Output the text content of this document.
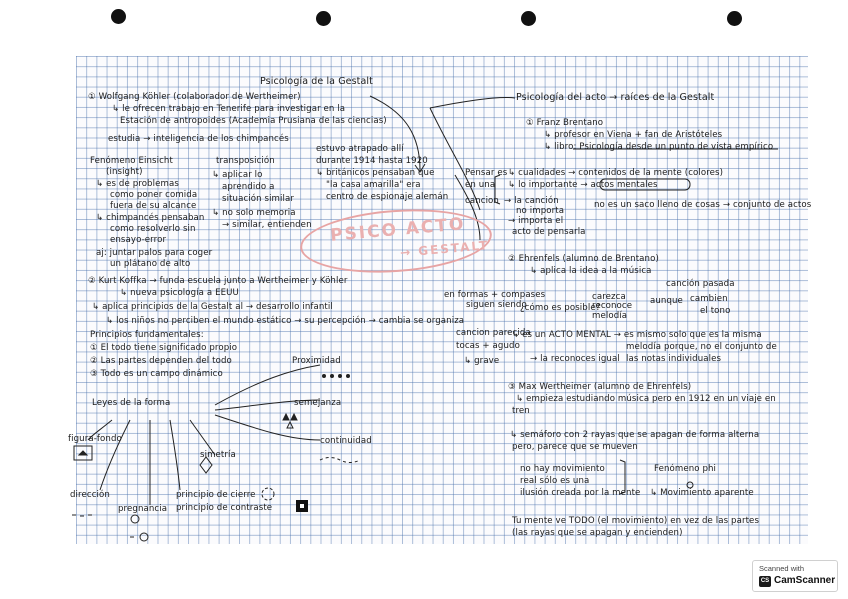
PSICO ACTO
→ GESTALT
Psicología de la Gestalt
Psicología del acto → raíces de la Gestalt
① Wolfgang Köhler (colaborador de Wertheimer)
↳ le ofrecen trabajo en Tenerife para investigar en la
Estación de antropoides (Academia Prusiana de las ciencias)
estudia → inteligencia de los chimpancés
estuvo atrapado allí
durante 1914 hasta 1920
↳ británicos pensaban que
"la casa amarilla" era
centro de espionaje alemán
Fenómeno Einsicht
(insight)
↳ es de problemas
como poner comida
fuera de su alcance
↳ chimpancés pensaban
como resolverlo sin
ensayo-error
aj: juntar palos para coger
un plátano de alto
transposición
↳ aplicar lo
aprendido a
situación similar
↳ no solo memoria
→ similar, entienden
② Kurt Koffka → funda escuela junto a Wertheimer y Köhler
↳ nueva psicología a EEUU
↳ aplica principios de la Gestalt al → desarrollo infantil
↳ los niños no perciben el mundo estático → su percepción → cambia se organiza
Principios fundamentales:
① El todo tiene significado propio
② Las partes dependen del todo
③ Todo es un campo dinámico
Leyes de la forma
Proximidad
semejanza
continuidad
simetría
figura-fondo
dirección
pregnancia
principio de cierre
principio de contraste
① Franz Brentano
↳ profesor en Viena + fan de Aristóteles
↳ libro: Psicología desde un punto de vista empírico
Pensar es
en una
cancion
↳ cualidades → contenidos de la mente (colores)
↳ lo importante → actos mentales
→ la canción
no importa
→ importa el
acto de pensarla
no es un saco lleno de cosas → conjunto de actos
② Ehrenfels (alumno de Brentano)
↳ aplica la idea a la música
en formas + compases
siguen siendo
¿cómo es posible?
carezca
reconoce
melodía
aunque cambien
el tono
canción pasada
cancion parecida
tocas + agudo
↳ grave	→ la reconoces igual
↳ es un ACTO MENTAL → es mismo solo que es la misma
melodía porque, no el conjunto de
las notas individuales
③ Max Wertheimer (alumno de Ehrenfels)
↳ empieza estudiando música pero en 1912 en un viaje en
tren
↳ semáforo con 2 rayas que se apagan de forma alterna
pero, parece que se mueven
no hay movimiento
real sólo es una
ilusión creada por la mente
Fenómeno phi
↳ Movimiento aparente
Tu mente ve TODO (el movimiento) en vez de las partes
(las rayas que se apagan y encienden)
Scanned with
CS CamScanner
